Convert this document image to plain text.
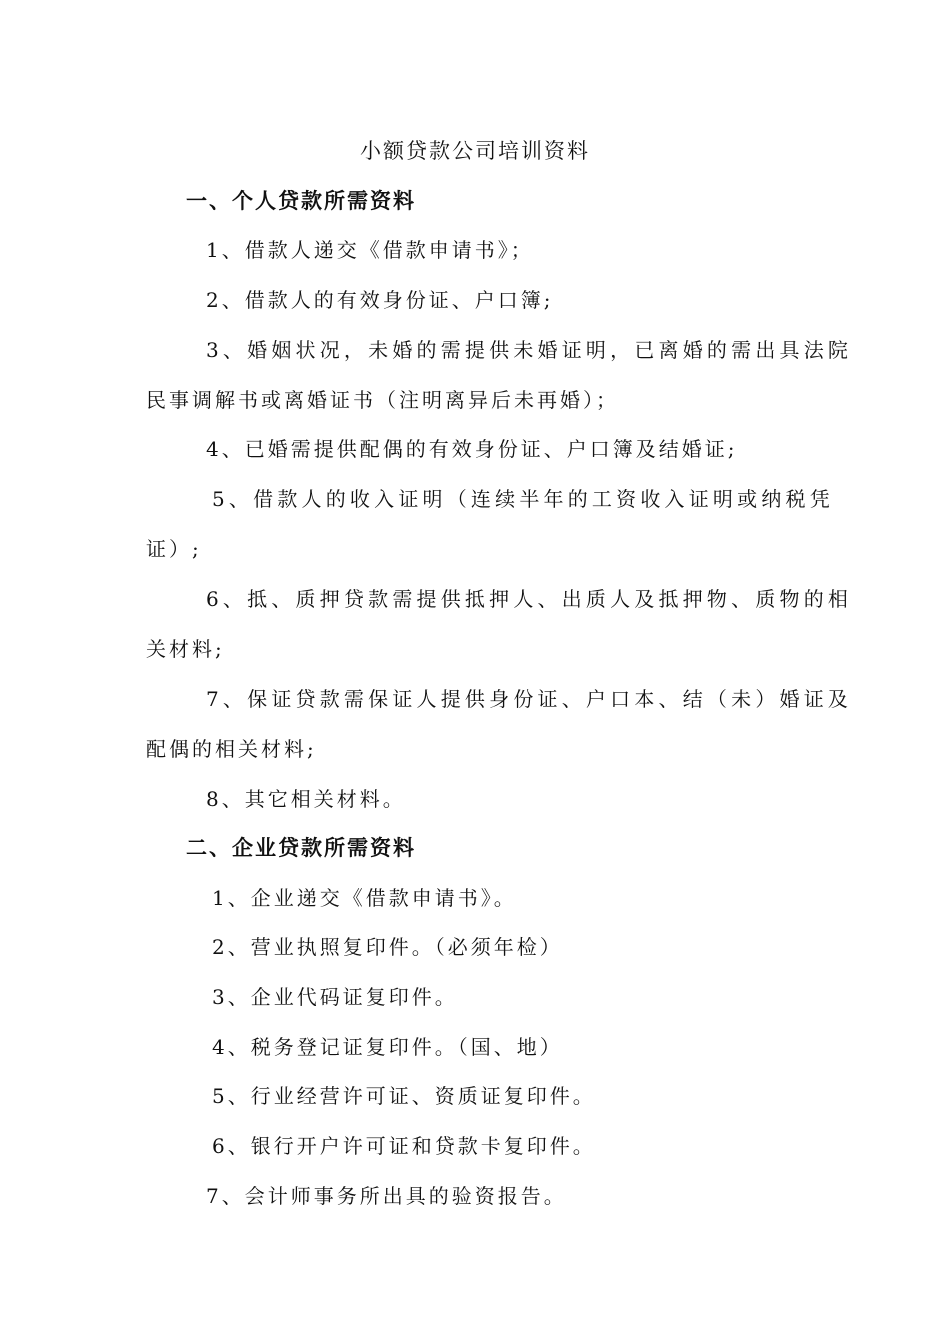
小额贷款公司培训资料
一、个人贷款所需资料
1、借款人递交《借款申请书》；
2、借款人的有效身份证、户口簿;
3、婚姻状况，未婚的需提供未婚证明，已离婚的需出具法院
民事调解书或离婚证书（注明离异后未再婚）；
4、已婚需提供配偶的有效身份证、户口簿及结婚证;
5、借款人的收入证明（连续半年的工资收入证明或纳税凭
证）;
6、抵、质押贷款需提供抵押人、出质人及抵押物、质物的相
关材料;
7、保证贷款需保证人提供身份证、户口本、结（未）婚证及
配偶的相关材料;
8、其它相关材料。
二、企业贷款所需资料
1、企业递交《借款申请书》。
2、营业执照复印件。（必须年检）
3、企业代码证复印件。
4、税务登记证复印件。（国、地）
5、行业经营许可证、资质证复印件。
6、银行开户许可证和贷款卡复印件。
7、会计师事务所出具的验资报告。
